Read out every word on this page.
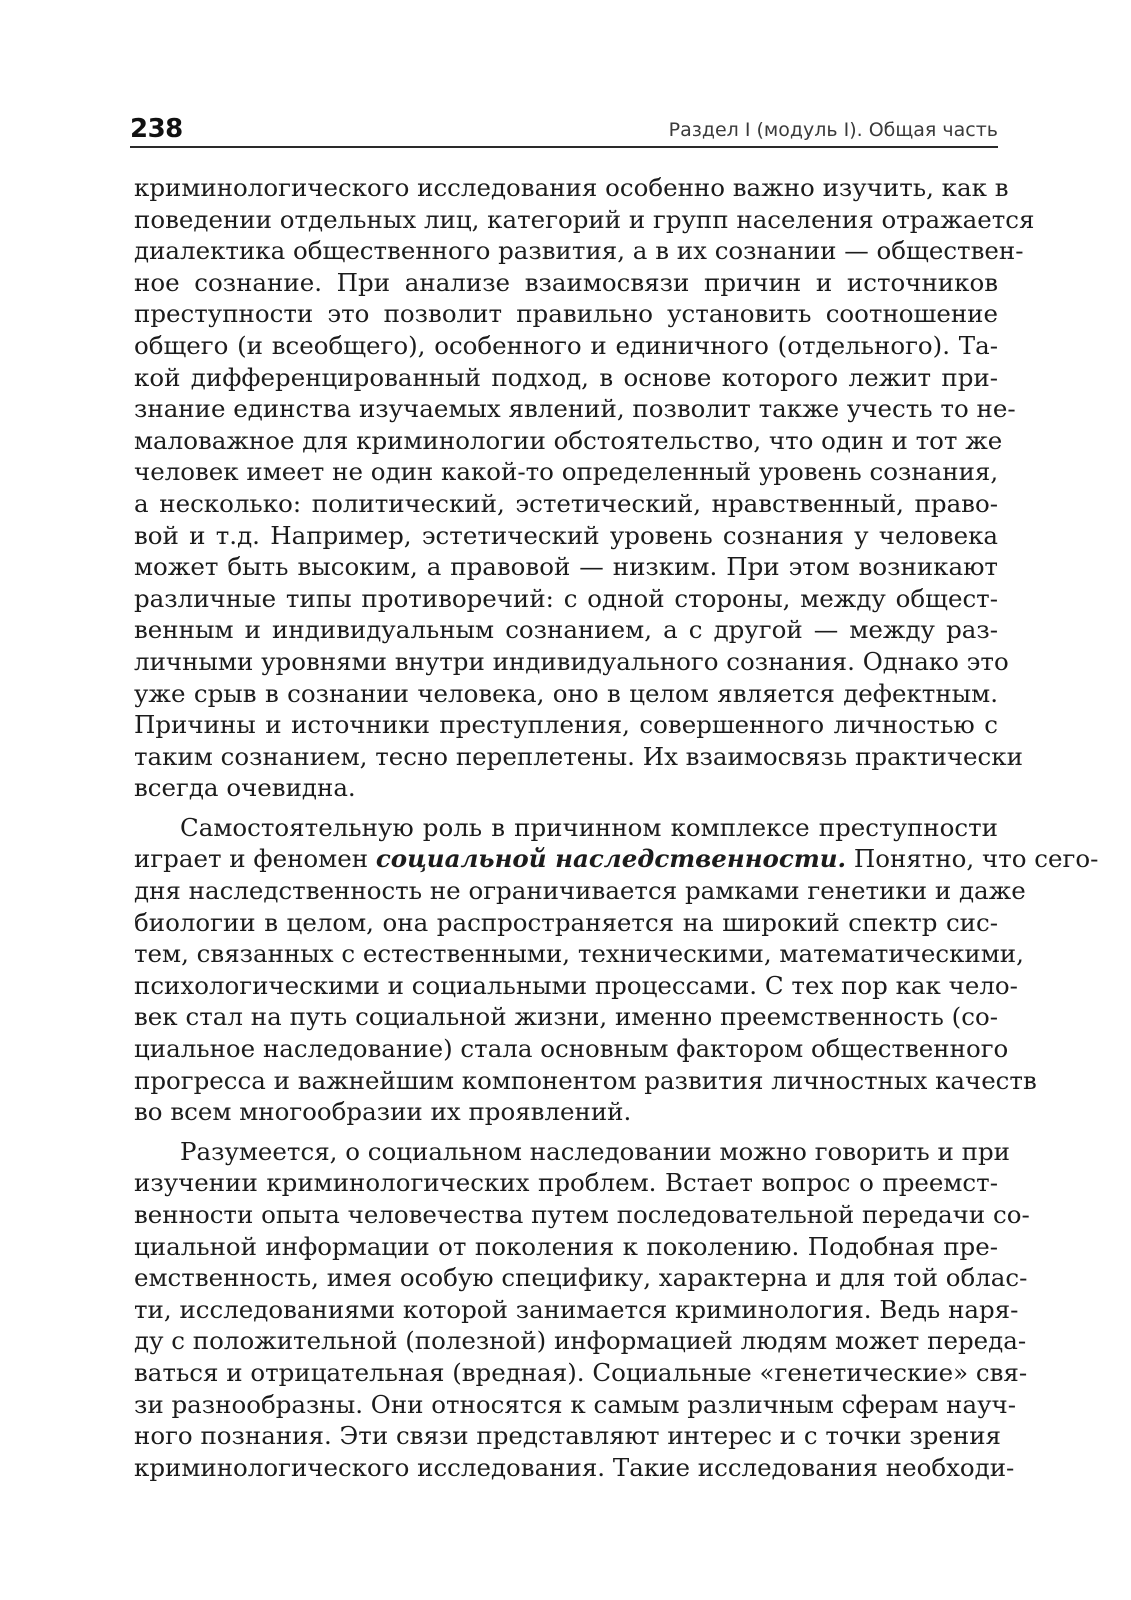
238	Раздел I (модуль I). Общая часть
криминологического исследования особенно важно изучить, как в
поведении отдельных лиц, категорий и групп населения отражается
диалектика общественного развития, а в их сознании — обществен-
ное сознание. При анализе взаимосвязи причин и источников
преступности это позволит правильно установить соотношение
общего (и всеобщего), особенного и единичного (отдельного). Та-
кой дифференцированный подход, в основе которого лежит при-
знание единства изучаемых явлений, позволит также учесть то не-
маловажное для криминологии обстоятельство, что один и тот же
человек имеет не один какой-то определенный уровень сознания,
а несколько: политический, эстетический, нравственный, право-
вой и т.д. Например, эстетический уровень сознания у человека
может быть высоким, а правовой — низким. При этом возникают
различные типы противоречий: с одной стороны, между общест-
венным и индивидуальным сознанием, а с другой — между раз-
личными уровнями внутри индивидуального сознания. Однако это
уже срыв в сознании человека, оно в целом является дефектным.
Причины и источники преступления, совершенного личностью с
таким сознанием, тесно переплетены. Их взаимосвязь практически
всегда очевидна.
Самостоятельную роль в причинном комплексе преступности
играет и феномен социальной наследственности. Понятно, что сего-
дня наследственность не ограничивается рамками генетики и даже
биологии в целом, она распространяется на широкий спектр сис-
тем, связанных с естественными, техническими, математическими,
психологическими и социальными процессами. С тех пор как чело-
век стал на путь социальной жизни, именно преемственность (со-
циальное наследование) стала основным фактором общественного
прогресса и важнейшим компонентом развития личностных качеств
во всем многообразии их проявлений.
Разумеется, о социальном наследовании можно говорить и при
изучении криминологических проблем. Встает вопрос о преемст-
венности опыта человечества путем последовательной передачи со-
циальной информации от поколения к поколению. Подобная пре-
емственность, имея особую специфику, характерна и для той облас-
ти, исследованиями которой занимается криминология. Ведь наря-
ду с положительной (полезной) информацией людям может переда-
ваться и отрицательная (вредная). Социальные «генетические» свя-
зи разнообразны. Они относятся к самым различным сферам науч-
ного познания. Эти связи представляют интерес и с точки зрения
криминологического исследования. Такие исследования необходи-
